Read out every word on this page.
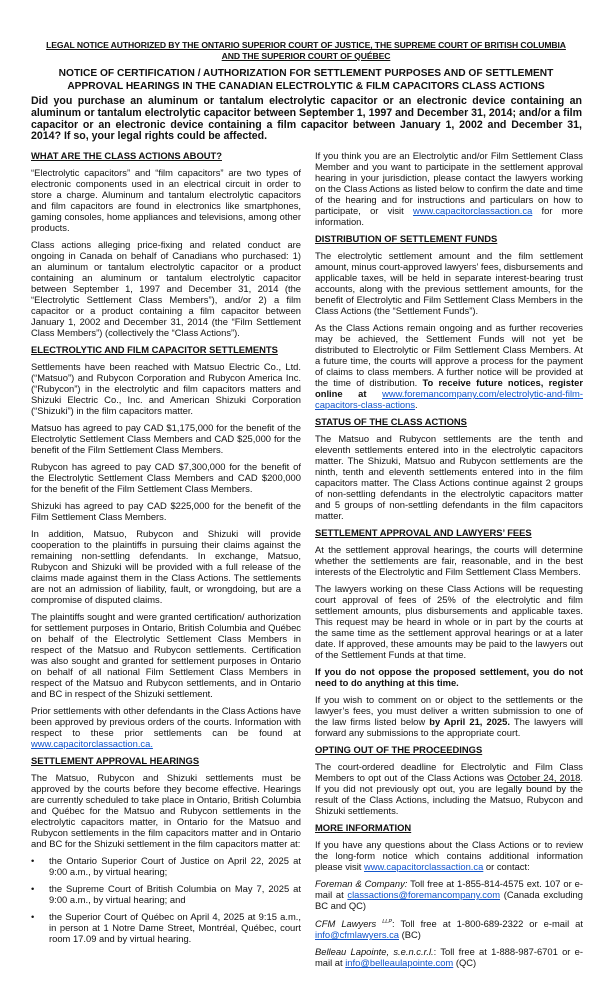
LEGAL NOTICE AUTHORIZED BY THE ONTARIO SUPERIOR COURT OF JUSTICE, THE SUPREME COURT OF BRITISH COLUMBIA AND THE SUPERIOR COURT OF QUÉBEC
NOTICE OF CERTIFICATION / AUTHORIZATION FOR SETTLEMENT PURPOSES AND OF SETTLEMENT
APPROVAL HEARINGS IN THE CANADIAN ELECTROLYTIC & FILM CAPACITORS CLASS ACTIONS
Did you purchase an aluminum or tantalum electrolytic capacitor or an electronic device containing an aluminum or tantalum electrolytic capacitor between September 1, 1997 and December 31, 2014; and/or a film capacitor or an electronic device containing a film capacitor between January 1, 2002 and December 31, 2014? If so, your legal rights could be affected.
WHAT ARE THE CLASS ACTIONS ABOUT?

“Electrolytic capacitors” and “film capacitors” are two types of electronic components used in an electrical circuit in order to store a charge. Aluminum and tantalum electrolytic capacitors and film capacitors are found in electronics like smartphones, gaming consoles, home appliances and televisions, among other products.

Class actions alleging price-fixing and related conduct are ongoing in Canada on behalf of Canadians who purchased: 1) an aluminum or tantalum electrolytic capacitor or a product containing an aluminum or tantalum electrolytic capacitor between September 1, 1997 and December 31, 2014 (the “Electrolytic Settlement Class Members”), and/or 2) a film capacitor or a product containing a film capacitor between January 1, 2002 and December 31, 2014 (the “Film Settlement Class Members”) (collectively the “Class Actions”).

ELECTROLYTIC AND FILM CAPACITOR SETTLEMENTS

Settlements have been reached with Matsuo Electric Co., Ltd. (“Matsuo”) and Rubycon Corporation and Rubycon America Inc. (“Rubycon”) in the electrolytic and film capacitors matters and Shizuki Electric Co., Inc. and American Shizuki Corporation (“Shizuki”) in the film capacitors matter.

Matsuo has agreed to pay CAD $1,175,000 for the benefit of the Electrolytic Settlement Class Members and CAD $25,000 for the benefit of the Film Settlement Class Members.

Rubycon has agreed to pay CAD $7,300,000 for the benefit of the Electrolytic Settlement Class Members and CAD $200,000 for the benefit of the Film Settlement Class Members.

Shizuki has agreed to pay CAD $225,000 for the benefit of the Film Settlement Class Members.

In addition, Matsuo, Rubycon and Shizuki will provide cooperation to the plaintiffs in pursuing their claims against the remaining non-settling defendants. In exchange, Matsuo, Rubycon and Shizuki will be provided with a full release of the claims made against them in the Class Actions. The settlements are not an admission of liability, fault, or wrongdoing, but are a compromise of disputed claims.

The plaintiffs sought and were granted certification/ authorization for settlement purposes in Ontario, British Columbia and Québec on behalf of the Electrolytic Settlement Class Members in respect of the Matsuo and Rubycon settlements. Certification was also sought and granted for settlement purposes in Ontario on behalf of all national Film Settlement Class Members in respect of the Matsuo and Rubycon settlements, and in Ontario and BC in respect of the Shizuki settlement.

Prior settlements with other defendants in the Class Actions have been approved by previous orders of the courts. Information with respect to these prior settlements can be found at www.capacitorclassaction.ca.

SETTLEMENT APPROVAL HEARINGS

The Matsuo, Rubycon and Shizuki settlements must be approved by the courts before they become effective. Hearings are currently scheduled to take place in Ontario, British Columbia and Québec for the Matsuo and Rubycon settlements in the electrolytic capacitors matter, in Ontario for the Matsuo and Rubycon settlements in the film capacitors matter and in Ontario and BC for the Shizuki settlement in the film capacitors matter at:

• the Ontario Superior Court of Justice on April 22, 2025 at 9:00 a.m., by virtual hearing;
• the Supreme Court of British Columbia on May 7, 2025 at 9:00 a.m., by virtual hearing; and
• the Superior Court of Québec on April 4, 2025 at 9:15 a.m., in person at 1 Notre Dame Street, Montréal, Québec, court room 17.09 and by virtual hearing.

If you think you are an Electrolytic and/or Film Settlement Class Member and you want to participate in the settlement approval hearing in your jurisdiction, please contact the lawyers working on the Class Actions as listed below to confirm the date and time of the hearing and for instructions and particulars on how to participate, or visit www.capacitorclassaction.ca for more information.

DISTRIBUTION OF SETTLEMENT FUNDS

The electrolytic settlement amount and the film settlement amount, minus court-approved lawyers’ fees, disbursements and applicable taxes, will be held in separate interest-bearing trust accounts, along with the previous settlement amounts, for the benefit of Electrolytic and Film Settlement Class Members in the Class Actions (the “Settlement Funds”).

As the Class Actions remain ongoing and as further recoveries may be achieved, the Settlement Funds will not yet be distributed to Electrolytic or Film Settlement Class Members. At a future time, the courts will approve a process for the payment of claims to class members. A further notice will be provided at the time of distribution. To receive future notices, register online at www.foremancompany.com/electrolytic-and-film-capacitors-class-actions.

STATUS OF THE CLASS ACTIONS

The Matsuo and Rubycon settlements are the tenth and eleventh settlements entered into in the electrolytic capacitors matter. The Shizuki, Matsuo and Rubycon settlements are the ninth, tenth and eleventh settlements entered into in the film capacitors matter. The Class Actions continue against 2 groups of non-settling defendants in the electrolytic capacitors matter and 5 groups of non-settling defendants in the film capacitors matter.

SETTLEMENT APPROVAL AND LAWYERS’ FEES

At the settlement approval hearings, the courts will determine whether the settlements are fair, reasonable, and in the best interests of the Electrolytic and Film Settlement Class Members.

The lawyers working on these Class Actions will be requesting court approval of fees of 25% of the electrolytic and film settlement amounts, plus disbursements and applicable taxes. This request may be heard in whole or in part by the courts at the same time as the settlement approval hearings or at a later date. If approved, these amounts may be paid to the lawyers out of the Settlement Funds at that time.

If you do not oppose the proposed settlement, you do not need to do anything at this time.

If you wish to comment on or object to the settlements or the lawyer’s fees, you must deliver a written submission to one of the law firms listed below by April 21, 2025. The lawyers will forward any submissions to the appropriate court.

OPTING OUT OF THE PROCEEDINGS

The court-ordered deadline for Electrolytic and Film Class Members to opt out of the Class Actions was October 24, 2018. If you did not previously opt out, you are legally bound by the result of the Class Actions, including the Matsuo, Rubycon and Shizuki settlements.

MORE INFORMATION

If you have any questions about the Class Actions or to review the long-form notice which contains additional information please visit www.capacitorclassaction.ca or contact:

Foreman & Company: Toll free at 1-855-814-4575 ext. 107 or e-mail at classactions@foremancompany.com (Canada excluding BC and QC)

CFM Lawyers $^{LLP}$: Toll free at 1-800-689-2322 or e-mail at info@cfmlawyers.ca (BC)

Belleau Lapointe, s.e.n.c.r.l.: Toll free at 1-888-987-6701 or e-mail at info@belleaulapointe.com (QC)
